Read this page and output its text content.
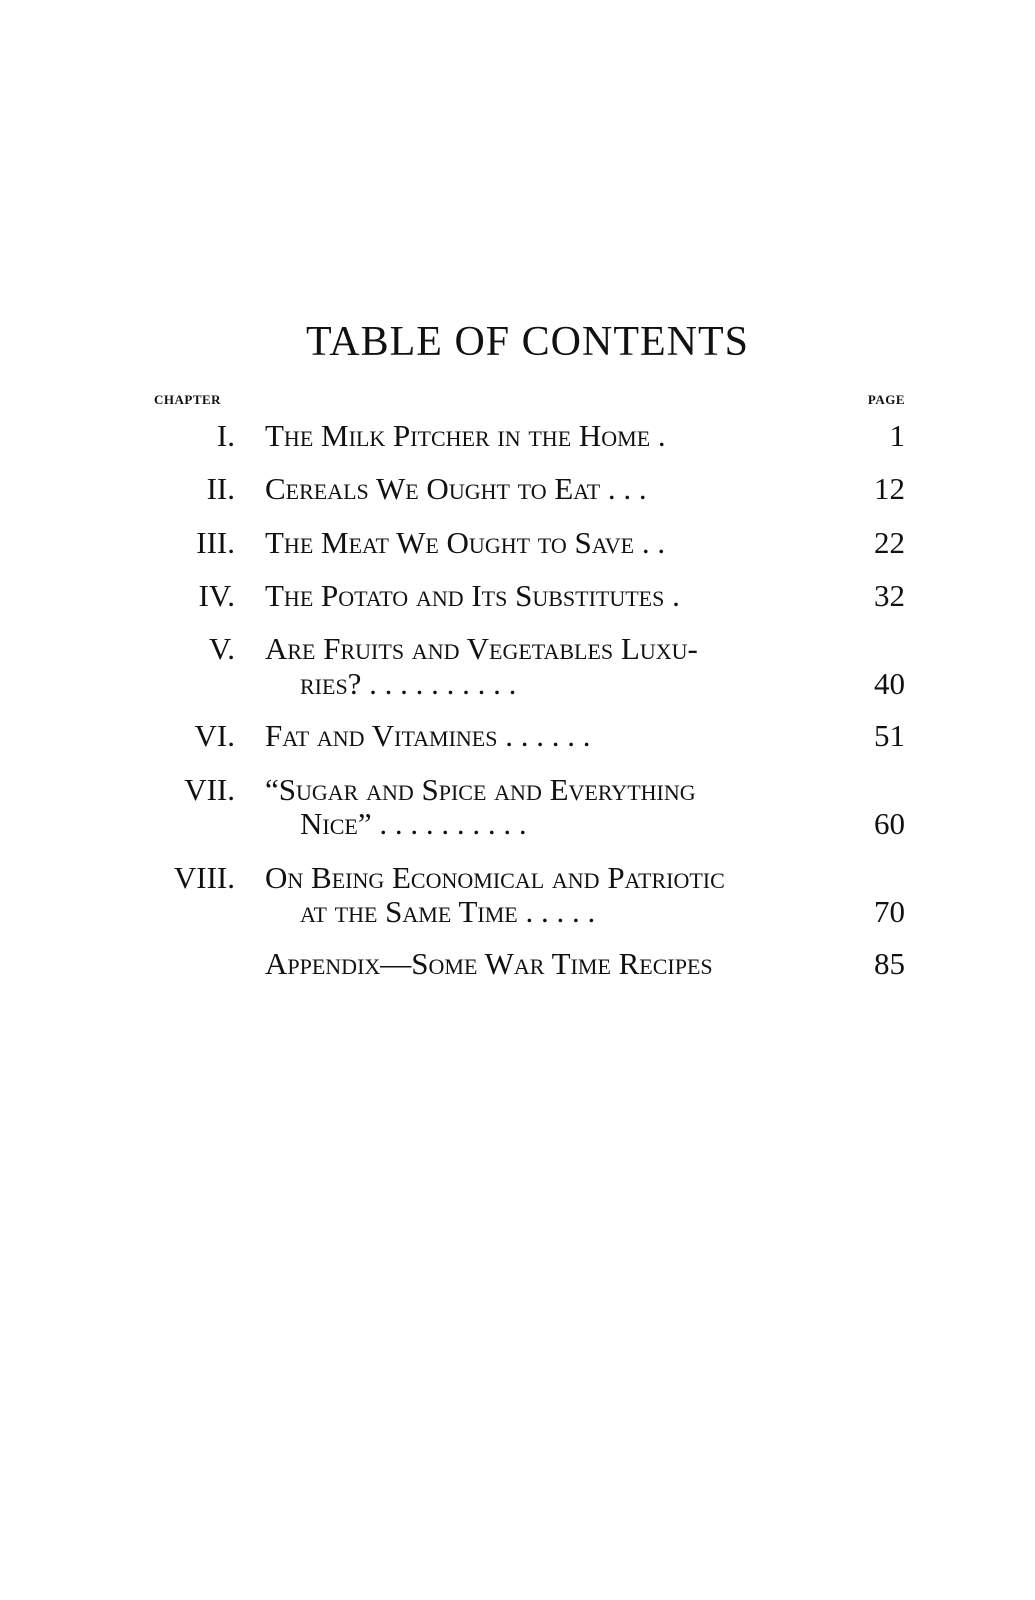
TABLE OF CONTENTS
CHAPTER	PAGE
I. The Milk Pitcher in the Home .	1
II. Cereals We Ought to Eat . . .	12
III. The Meat We Ought to Save . .	22
IV. The Potato and Its Substitutes .	32
V. Are Fruits and Vegetables Luxu-
ries? . . . . . . . . . .	40
VI. Fat and Vitamines . . . . . .	51
VII. “Sugar and Spice and Everything
Nice” . . . . . . . . . .	60
VIII. On Being Economical and Patriotic
at the Same Time . . . . .	70
Appendix—Some War Time Recipes	85
